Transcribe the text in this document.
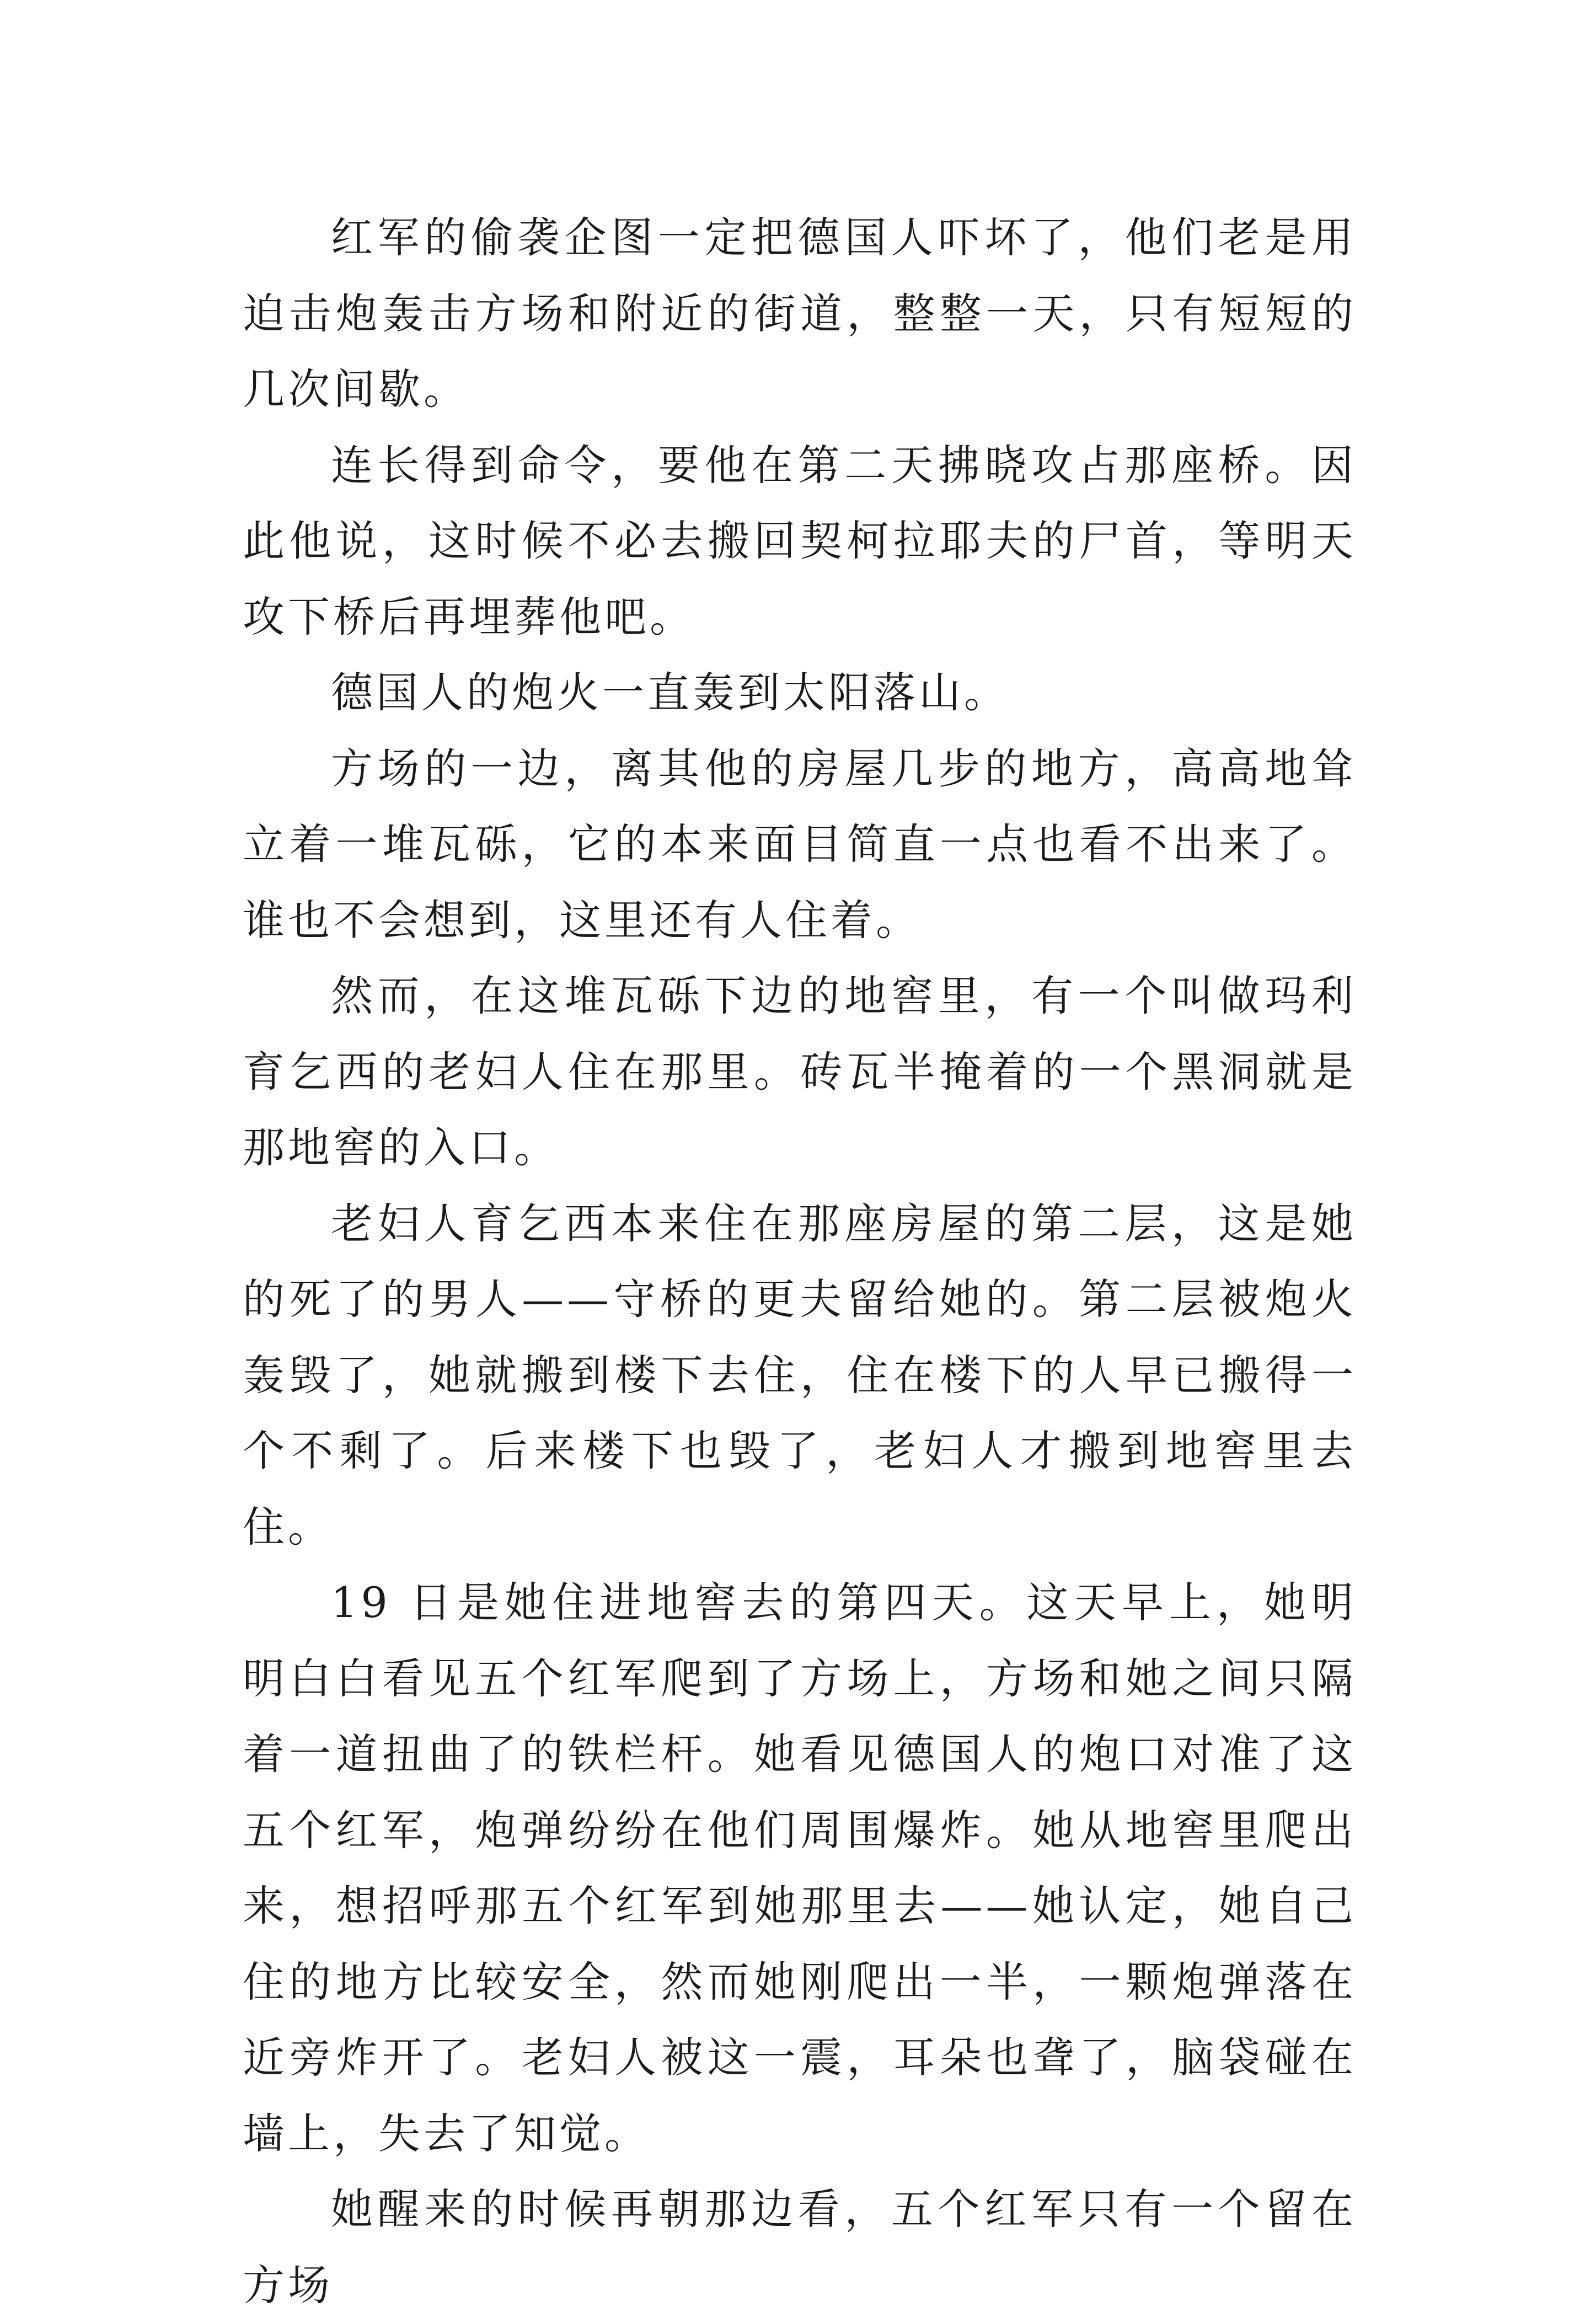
红军的偷袭企图一定把德国人吓坏了，他们老是用迫击炮轰击方场和附近的街道，整整一天，只有短短的几次间歇。

连长得到命令，要他在第二天拂晓攻占那座桥。因此他说，这时候不必去搬回契柯拉耶夫的尸首，等明天攻下桥后再埋葬他吧。

德国人的炮火一直轰到太阳落山。

方场的一边，离其他的房屋几步的地方，高高地耸立着一堆瓦砾，它的本来面目简直一点也看不出来了。谁也不会想到，这里还有人住着。

然而，在这堆瓦砾下边的地窖里，有一个叫做玛利育乞西的老妇人住在那里。砖瓦半掩着的一个黑洞就是那地窖的入口。

老妇人育乞西本来住在那座房屋的第二层，这是她的死了的男人——守桥的更夫留给她的。第二层被炮火轰毁了，她就搬到楼下去住，住在楼下的人早已搬得一个不剩了。后来楼下也毁了，老妇人才搬到地窖里去住。

19 日是她住进地窖去的第四天。这天早上，她明明白白看见五个红军爬到了方场上，方场和她之间只隔着一道扭曲了的铁栏杆。她看见德国人的炮口对准了这五个红军，炮弹纷纷在他们周围爆炸。她从地窖里爬出来，想招呼那五个红军到她那里去——她认定，她自己住的地方比较安全，然而她刚爬出一半，一颗炮弹落在近旁炸开了。老妇人被这一震，耳朵也聋了，脑袋碰在墙上，失去了知觉。

她醒来的时候再朝那边看，五个红军只有一个留在方场
